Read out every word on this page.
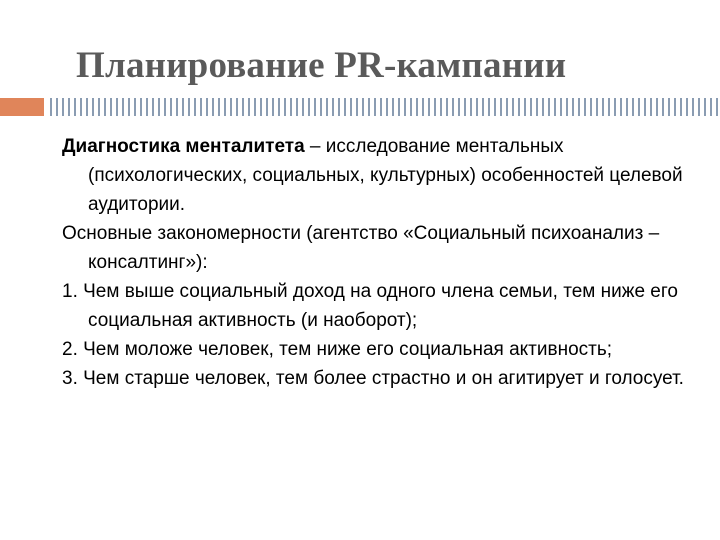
Планирование PR-кампании

Диагностика менталитета – исследование ментальных (психологических, социальных, культурных) особенностей целевой аудитории.

Основные закономерности (агентство «Социальный психоанализ – консалтинг»):

1. Чем выше социальный доход на одного члена семьи, тем ниже его социальная активность (и наоборот);

2. Чем моложе человек, тем ниже его социальная активность;

3. Чем старше человек, тем более страстно и он агитирует и голосует.
